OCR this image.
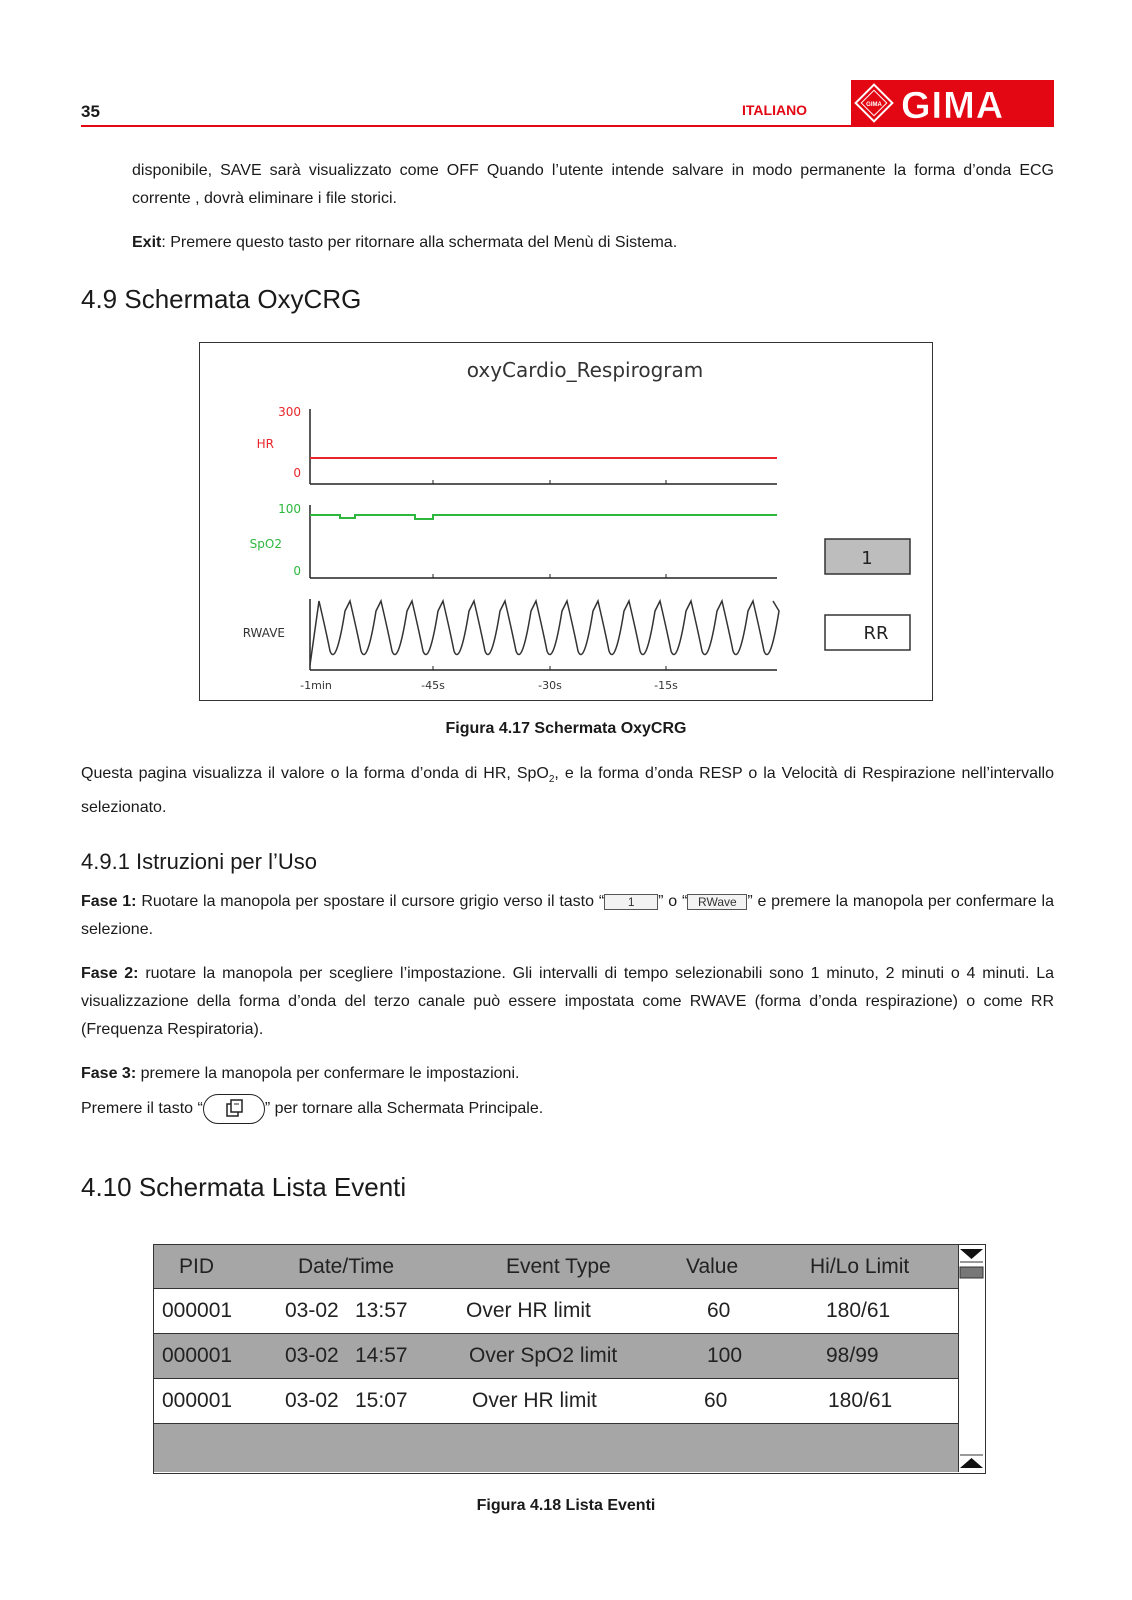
35	ITALIANO	GIMA GIMA
disponibile, SAVE sarà visualizzato come OFF Quando l’utente intende salvare in modo permanente la forma d’onda ECG corrente , dovrà eliminare i file storici.
Exit: Premere questo tasto per ritornare alla schermata del Menù di Sistema.
4.9 Schermata OxyCRG
oxyCardio_Respirogram
300
HR
0
100
SpO2
0
RWAVE
-1min	-45s	-30s	-15s
1
RR
Figura 4.17 Schermata OxyCRG
Questa pagina visualizza il valore o la forma d’onda di HR, SpO$_2$, e la forma d’onda RESP o la Velocità di Respirazione nell’intervallo selezionato.
4.9.1 Istruzioni per l’Uso
Fase 1: Ruotare la manopola per spostare il cursore grigio verso il tasto “ 1 ” o “ RWave ” e premere la manopola per confermare la selezione.
Fase 2: ruotare la manopola per scegliere l’impostazione. Gli intervalli di tempo selezionabili sono 1 minuto, 2 minuti o 4 minuti. La visualizzazione della forma d’onda del terzo canale può essere impostata come RWAVE (forma d’onda respirazione) o come RR (Frequenza Respiratoria).
Fase 3: premere la manopola per confermare le impostazioni.
Premere il tasto “	” per tornare alla Schermata Principale.
4.10 Schermata Lista Eventi
PID	Date/Time	Event Type	Value	Hi/Lo Limit
000001	03-02 13:57	Over HR limit	60	180/61
000001	03-02 14:57	Over SpO2 limit	100	98/99
000001	03-02 15:07	Over HR limit	60	180/61
Figura 4.18 Lista Eventi
